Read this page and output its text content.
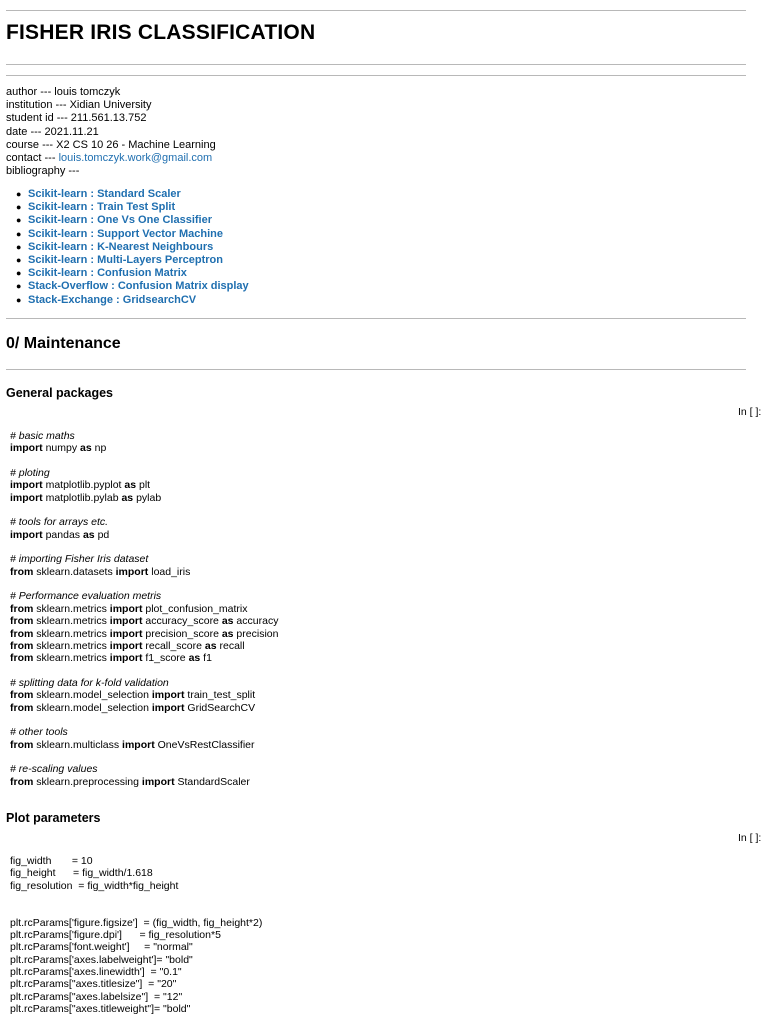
FISHER IRIS CLASSIFICATION
author --- louis tomczyk
institution --- Xidian University
student id --- 211.561.13.752
date --- 2021.11.21
course --- X2 CS 10 26 - Machine Learning
contact --- louis.tomczyk.work@gmail.com
bibliography ---
● Scikit-learn : Standard Scaler
● Scikit-learn : Train Test Split
● Scikit-learn : One Vs One Classifier
● Scikit-learn : Support Vector Machine
● Scikit-learn : K-Nearest Neighbours
● Scikit-learn : Multi-Layers Perceptron
● Scikit-learn : Confusion Matrix
● Stack-Overflow : Confusion Matrix display
● Stack-Exchange : GridsearchCV
0/ Maintenance
General packages
In [ ]:
# basic maths
import numpy as np

# ploting
import matplotlib.pyplot as plt
import matplotlib.pylab as pylab

# tools for arrays etc.
import pandas as pd

# importing Fisher Iris dataset
from sklearn.datasets import load_iris

# Performance evaluation metris
from sklearn.metrics import plot_confusion_matrix
from sklearn.metrics import accuracy_score as accuracy
from sklearn.metrics import precision_score as precision
from sklearn.metrics import recall_score as recall
from sklearn.metrics import f1_score as f1

# splitting data for k-fold validation
from sklearn.model_selection import train_test_split
from sklearn.model_selection import GridSearchCV

# other tools
from sklearn.multiclass import OneVsRestClassifier

# re-scaling values
from sklearn.preprocessing import StandardScaler
Plot parameters
In [ ]:
fig_width       = 10
fig_height      = fig_width/1.618
fig_resolution  = fig_width*fig_height

plt.rcParams['figure.figsize']  = (fig_width, fig_height*2)
plt.rcParams['figure.dpi']      = fig_resolution*5
plt.rcParams['font.weight']     = "normal"
plt.rcParams['axes.labelweight']= "bold"
plt.rcParams['axes.linewidth']  = "0.1"
plt.rcParams["axes.titlesize"]  = "20"
plt.rcParams["axes.labelsize"]  = "12"
plt.rcParams["axes.titleweight"]= "bold"
